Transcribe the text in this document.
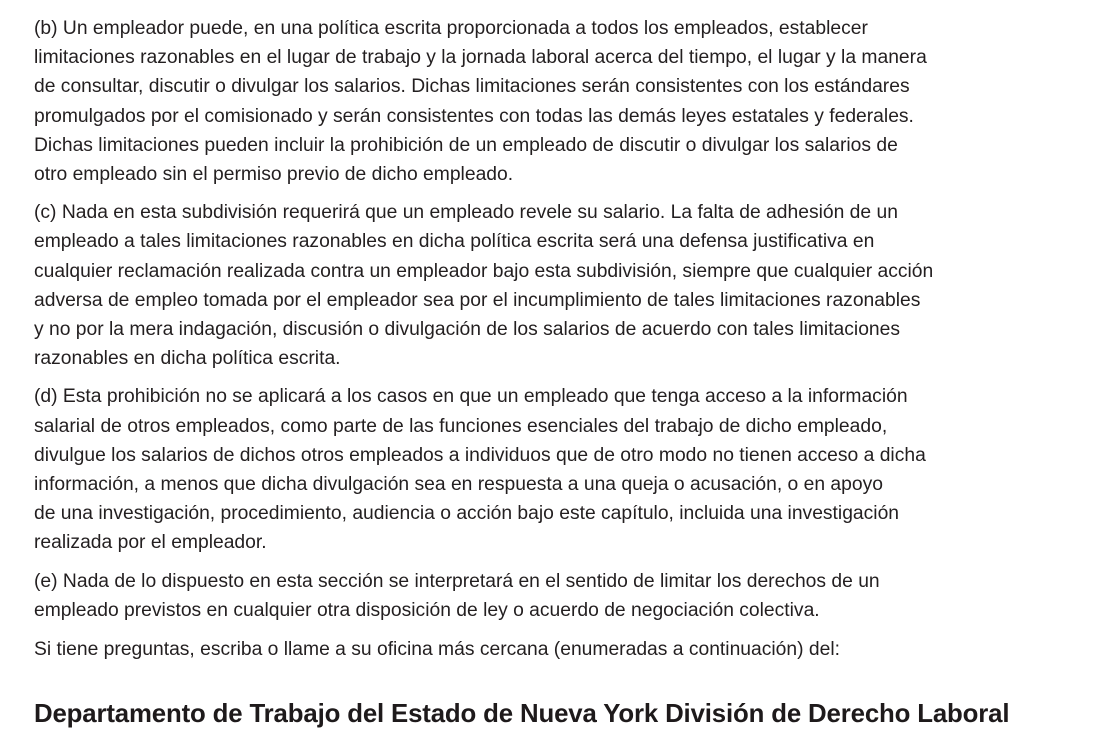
(b) Un empleador puede, en una política escrita proporcionada a todos los empleados, establecer
limitaciones razonables en el lugar de trabajo y la jornada laboral acerca del tiempo, el lugar y la manera
de consultar, discutir o divulgar los salarios. Dichas limitaciones serán consistentes con los estándares
promulgados por el comisionado y serán consistentes con todas las demás leyes estatales y federales.
Dichas limitaciones pueden incluir la prohibición de un empleado de discutir o divulgar los salarios de
otro empleado sin el permiso previo de dicho empleado.

(c) Nada en esta subdivisión requerirá que un empleado revele su salario. La falta de adhesión de un
empleado a tales limitaciones razonables en dicha política escrita será una defensa justificativa en
cualquier reclamación realizada contra un empleador bajo esta subdivisión, siempre que cualquier acción
adversa de empleo tomada por el empleador sea por el incumplimiento de tales limitaciones razonables
y no por la mera indagación, discusión o divulgación de los salarios de acuerdo con tales limitaciones
razonables en dicha política escrita.

(d) Esta prohibición no se aplicará a los casos en que un empleado que tenga acceso a la información
salarial de otros empleados, como parte de las funciones esenciales del trabajo de dicho empleado,
divulgue los salarios de dichos otros empleados a individuos que de otro modo no tienen acceso a dicha
información, a menos que dicha divulgación sea en respuesta a una queja o acusación, o en apoyo
de una investigación, procedimiento, audiencia o acción bajo este capítulo, incluida una investigación
realizada por el empleador.

(e) Nada de lo dispuesto en esta sección se interpretará en el sentido de limitar los derechos de un
empleado previstos en cualquier otra disposición de ley o acuerdo de negociación colectiva.

Si tiene preguntas, escriba o llame a su oficina más cercana (enumeradas a continuación) del:

Departamento de Trabajo del Estado de Nueva York División de Derecho Laboral
